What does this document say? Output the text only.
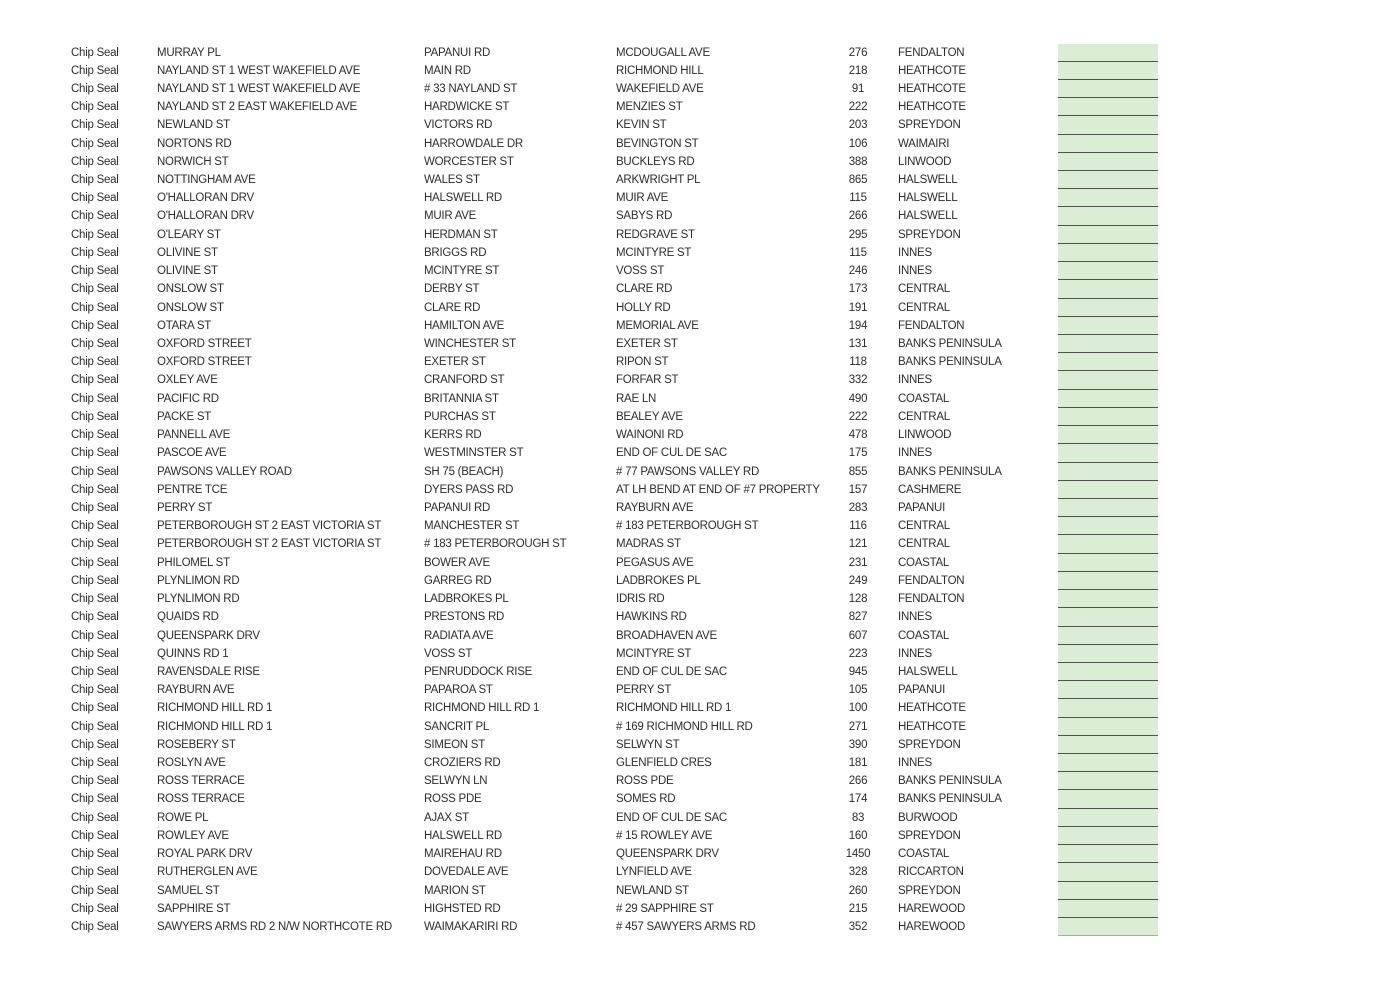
Chip Seal	MURRAY PL	PAPANUI RD	MCDOUGALL AVE	276	FENDALTON
Chip Seal	NAYLAND ST 1 WEST WAKEFIELD AVE	MAIN RD	RICHMOND HILL	218	HEATHCOTE
Chip Seal	NAYLAND ST 1 WEST WAKEFIELD AVE	# 33 NAYLAND ST	WAKEFIELD AVE	91	HEATHCOTE
Chip Seal	NAYLAND ST 2 EAST WAKEFIELD AVE	HARDWICKE ST	MENZIES ST	222	HEATHCOTE
Chip Seal	NEWLAND ST	VICTORS RD	KEVIN ST	203	SPREYDON
Chip Seal	NORTONS RD	HARROWDALE DR	BEVINGTON ST	106	WAIMAIRI
Chip Seal	NORWICH ST	WORCESTER ST	BUCKLEYS RD	388	LINWOOD
Chip Seal	NOTTINGHAM AVE	WALES ST	ARKWRIGHT PL	865	HALSWELL
Chip Seal	O'HALLORAN DRV	HALSWELL RD	MUIR AVE	115	HALSWELL
Chip Seal	O'HALLORAN DRV	MUIR AVE	SABYS RD	266	HALSWELL
Chip Seal	O'LEARY ST	HERDMAN ST	REDGRAVE ST	295	SPREYDON
Chip Seal	OLIVINE ST	BRIGGS RD	MCINTYRE ST	115	INNES
Chip Seal	OLIVINE ST	MCINTYRE ST	VOSS ST	246	INNES
Chip Seal	ONSLOW ST	DERBY ST	CLARE RD	173	CENTRAL
Chip Seal	ONSLOW ST	CLARE RD	HOLLY RD	191	CENTRAL
Chip Seal	OTARA ST	HAMILTON AVE	MEMORIAL AVE	194	FENDALTON
Chip Seal	OXFORD STREET	WINCHESTER ST	EXETER ST	131	BANKS PENINSULA
Chip Seal	OXFORD STREET	EXETER ST	RIPON ST	118	BANKS PENINSULA
Chip Seal	OXLEY AVE	CRANFORD ST	FORFAR ST	332	INNES
Chip Seal	PACIFIC RD	BRITANNIA ST	RAE LN	490	COASTAL
Chip Seal	PACKE ST	PURCHAS ST	BEALEY AVE	222	CENTRAL
Chip Seal	PANNELL AVE	KERRS RD	WAINONI RD	478	LINWOOD
Chip Seal	PASCOE AVE	WESTMINSTER ST	END OF CUL DE SAC	175	INNES
Chip Seal	PAWSONS VALLEY ROAD	SH 75 (BEACH)	# 77 PAWSONS VALLEY RD	855	BANKS PENINSULA
Chip Seal	PENTRE TCE	DYERS PASS RD	AT LH BEND AT END OF #7 PROPERTY	157	CASHMERE
Chip Seal	PERRY ST	PAPANUI RD	RAYBURN AVE	283	PAPANUI
Chip Seal	PETERBOROUGH ST 2 EAST VICTORIA ST	MANCHESTER ST	# 183 PETERBOROUGH ST	116	CENTRAL
Chip Seal	PETERBOROUGH ST 2 EAST VICTORIA ST	# 183 PETERBOROUGH ST	MADRAS ST	121	CENTRAL
Chip Seal	PHILOMEL ST	BOWER AVE	PEGASUS AVE	231	COASTAL
Chip Seal	PLYNLIMON RD	GARREG RD	LADBROKES PL	249	FENDALTON
Chip Seal	PLYNLIMON RD	LADBROKES PL	IDRIS RD	128	FENDALTON
Chip Seal	QUAIDS RD	PRESTONS RD	HAWKINS RD	827	INNES
Chip Seal	QUEENSPARK DRV	RADIATA AVE	BROADHAVEN AVE	607	COASTAL
Chip Seal	QUINNS RD 1	VOSS ST	MCINTYRE ST	223	INNES
Chip Seal	RAVENSDALE RISE	PENRUDDOCK RISE	END OF CUL DE SAC	945	HALSWELL
Chip Seal	RAYBURN AVE	PAPAROA ST	PERRY ST	105	PAPANUI
Chip Seal	RICHMOND HILL RD 1	RICHMOND HILL RD 1	RICHMOND HILL RD 1	100	HEATHCOTE
Chip Seal	RICHMOND HILL RD 1	SANCRIT PL	# 169 RICHMOND HILL RD	271	HEATHCOTE
Chip Seal	ROSEBERY ST	SIMEON ST	SELWYN ST	390	SPREYDON
Chip Seal	ROSLYN AVE	CROZIERS RD	GLENFIELD CRES	181	INNES
Chip Seal	ROSS TERRACE	SELWYN LN	ROSS PDE	266	BANKS PENINSULA
Chip Seal	ROSS TERRACE	ROSS PDE	SOMES RD	174	BANKS PENINSULA
Chip Seal	ROWE PL	AJAX ST	END OF CUL DE SAC	83	BURWOOD
Chip Seal	ROWLEY AVE	HALSWELL RD	# 15 ROWLEY AVE	160	SPREYDON
Chip Seal	ROYAL PARK DRV	MAIREHAU RD	QUEENSPARK DRV	1450	COASTAL
Chip Seal	RUTHERGLEN AVE	DOVEDALE AVE	LYNFIELD AVE	328	RICCARTON
Chip Seal	SAMUEL ST	MARION ST	NEWLAND ST	260	SPREYDON
Chip Seal	SAPPHIRE ST	HIGHSTED RD	# 29 SAPPHIRE ST	215	HAREWOOD
Chip Seal	SAWYERS ARMS RD 2 N/W NORTHCOTE RD	WAIMAKARIRI RD	# 457 SAWYERS ARMS RD	352	HAREWOOD
